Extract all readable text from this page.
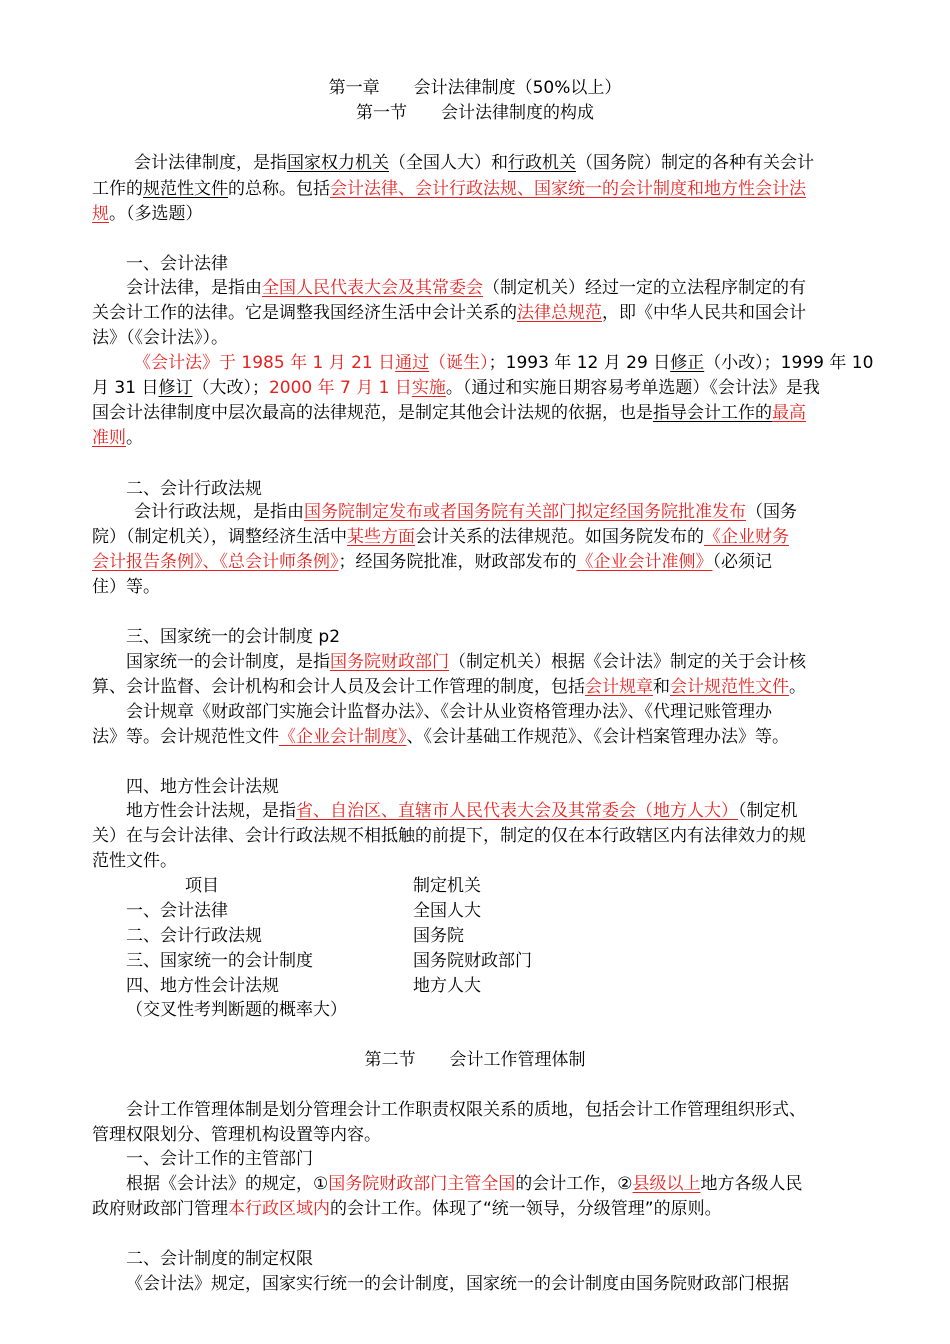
第一章　　会计法律制度（50%以上）
第一节　　会计法律制度的构成
会计法律制度，是指国家权力机关（全国人大）和行政机关（国务院）制定的各种有关会计
工作的规范性文件的总称。包括会计法律、会计行政法规、国家统一的会计制度和地方性会计法
规。（多选题）
一、会计法律
会计法律，是指由全国人民代表大会及其常委会（制定机关）经过一定的立法程序制定的有
关会计工作的法律。它是调整我国经济生活中会计关系的法律总规范，即《中华人民共和国会计
法》（《会计法》）。
《会计法》于 1985 年 1 月 21 日通过（诞生）；1993 年 12 月 29 日修正（小改）；1999 年 10
月 31 日修订（大改）；2000 年 7 月 1 日实施。（通过和实施日期容易考单选题）《会计法》是我
国会计法律制度中层次最高的法律规范，是制定其他会计法规的依据，也是指导会计工作的最高
准则。
二、会计行政法规
会计行政法规，是指由国务院制定发布或者国务院有关部门拟定经国务院批准发布（国务
院）（制定机关），调整经济生活中某些方面会计关系的法律规范。如国务院发布的《企业财务
会计报告条例》、《总会计师条例》；经国务院批准，财政部发布的《企业会计准侧》（必须记
住）等。
三、国家统一的会计制度 p2
国家统一的会计制度，是指国务院财政部门（制定机关）根据《会计法》制定的关于会计核
算、会计监督、会计机构和会计人员及会计工作管理的制度，包括会计规章和会计规范性文件。
会计规章《财政部门实施会计监督办法》、《会计从业资格管理办法》、《代理记账管理办
法》等。会计规范性文件《企业会计制度》、《会计基础工作规范》、《会计档案管理办法》等。
四、地方性会计法规
地方性会计法规，是指省、自治区、直辖市人民代表大会及其常委会（地方人大）（制定机
关）在与会计法律、会计行政法规不相抵触的前提下，制定的仅在本行政辖区内有法律效力的规
范性文件。
项目	制定机关
一、会计法律	全国人大
二、会计行政法规	国务院
三、国家统一的会计制度	国务院财政部门
四、地方性会计法规	地方人大
（交叉性考判断题的概率大）
第二节　　会计工作管理体制
会计工作管理体制是划分管理会计工作职责权限关系的质地，包括会计工作管理组织形式、
管理权限划分、管理机构设置等内容。
一、会计工作的主管部门
根据《会计法》的规定，①国务院财政部门主管全国的会计工作，②县级以上地方各级人民
政府财政部门管理本行政区域内的会计工作。体现了“统一领导，分级管理”的原则。
二、会计制度的制定权限
《会计法》规定，国家实行统一的会计制度，国家统一的会计制度由国务院财政部门根据
